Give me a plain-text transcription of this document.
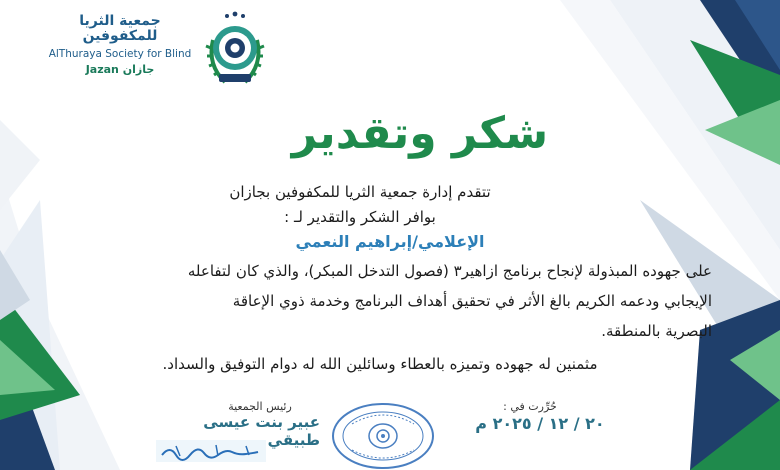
جمعية الثريا للمكفوفين
AlThuraya Society for Blind
Jazan جازان
شكر وتقدير
تتقدم إدارة جمعية الثريا للمكفوفين بجازان
بوافر الشكر والتقدير لـ :
الإعلامي/إبراهيم النعمي
على جهوده المبذولة لإنجاح برنامج ازاهير٣ (فصول التدخل المبكر)، والذي كان لتفاعله
الإيجابي ودعمه الكريم بالغ الأثر في تحقيق أهداف البرنامج وخدمة ذوي الإعاقة
البصرية بالمنطقة.
مثمنين له جهوده وتميزه بالعطاء وسائلين الله له دوام التوفيق والسداد.
رئيس الجمعية
عبير بنت عيسى طبيقي
حُرِّرت في :
٢٠ / ١٢ / ٢٠٢٥ م
